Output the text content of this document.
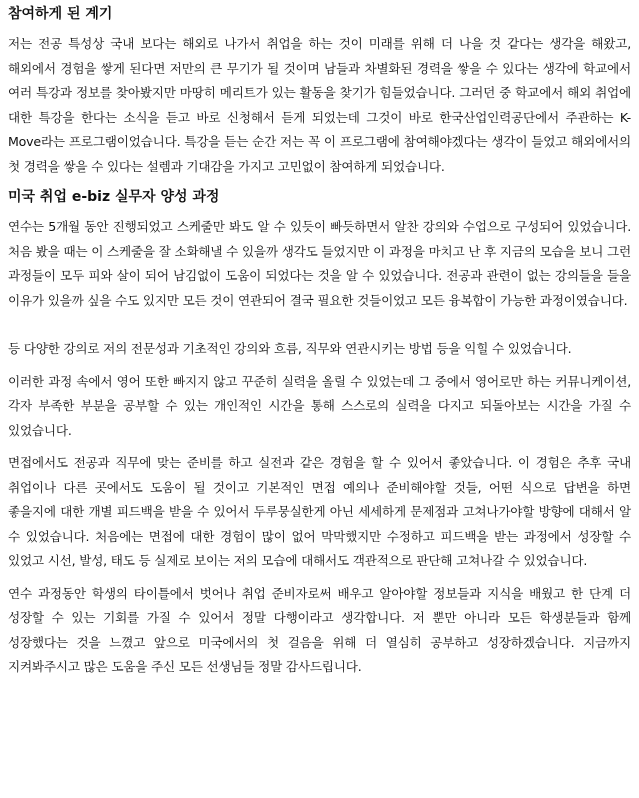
참여하게 된 계기

저는 전공 특성상 국내 보다는 해외로 나가서 취업을 하는 것이 미래를 위해 더 나을 것 같다는 생각을 해왔고, 해외에서 경험을 쌓게 된다면 저만의 큰 무기가 될 것이며 남들과 차별화된 경력을 쌓을 수 있다는 생각에 학교에서 여러 특강과 정보를 찾아봤지만 마땅히 메리트가 있는 활동을 찾기가 힘들었습니다. 그러던 중 학교에서 해외 취업에 대한 특강을 한다는 소식을 듣고 바로 신청해서 듣게 되었는데 그것이 바로 한국산업인력공단에서 주관하는 K-Move라는 프로그램이었습니다. 특강을 듣는 순간 저는 꼭 이 프로그램에 참여해야겠다는 생각이 들었고 해외에서의 첫 경력을 쌓을 수 있다는 설렘과 기대감을 가지고 고민없이 참여하게 되었습니다.

미국 취업 e-biz 실무자 양성 과정

연수는 5개월 동안 진행되었고 스케줄만 봐도 알 수 있듯이 빠듯하면서 알찬 강의와 수업으로 구성되어 있었습니다. 처음 봤을 때는 이 스케줄을 잘 소화해낼 수 있을까 생각도 들었지만 이 과정을 마치고 난 후 지금의 모습을 보니 그런 과정들이 모두 피와 살이 되어 남김없이 도움이 되었다는 것을 알 수 있었습니다. 전공과 관련이 없는 강의들을 들을 이유가 있을까 싶을 수도 있지만 모든 것이 연관되어 결국 필요한 것들이었고 모든 융복합이 가능한 과정이였습니다.
등 다양한 강의로 저의 전문성과 기초적인 강의와 흐름, 직무와 연관시키는 방법 등을 익힐 수 있었습니다.

이러한 과정 속에서 영어 또한 빠지지 않고 꾸준히 실력을 올릴 수 있었는데 그 중에서 영어로만 하는 커뮤니케이션, 각자 부족한 부분을 공부할 수 있는 개인적인 시간을 통해 스스로의 실력을 다지고 되돌아보는 시간을 가질 수 있었습니다.

면접에서도 전공과 직무에 맞는 준비를 하고 실전과 같은 경험을 할 수 있어서 좋았습니다. 이 경험은 추후 국내 취업이나 다른 곳에서도 도움이 될 것이고 기본적인 면접 예의나 준비해야할 것들, 어떤 식으로 답변을 하면 좋을지에 대한 개별 피드백을 받을 수 있어서 두루뭉실한게 아닌 세세하게 문제점과 고쳐나가야할 방향에 대해서 알 수 있었습니다. 처음에는 면접에 대한 경험이 많이 없어 막막했지만 수정하고 피드백을 받는 과정에서 성장할 수 있었고 시선, 발성, 태도 등 실제로 보이는 저의 모습에 대해서도 객관적으로 판단해 고쳐나갈 수 있었습니다.

연수 과정동안 학생의 타이틀에서 벗어나 취업 준비자로써 배우고 알아야할 정보들과 지식을 배웠고 한 단계 더 성장할 수 있는 기회를 가질 수 있어서 정말 다행이라고 생각합니다. 저 뿐만 아니라 모든 학생분들과 함께 성장했다는 것을 느꼈고 앞으로 미국에서의 첫 걸음을 위해 더 열심히 공부하고 성장하겠습니다. 지금까지 지켜봐주시고 많은 도움을 주신 모든 선생님들 정말 감사드립니다.
